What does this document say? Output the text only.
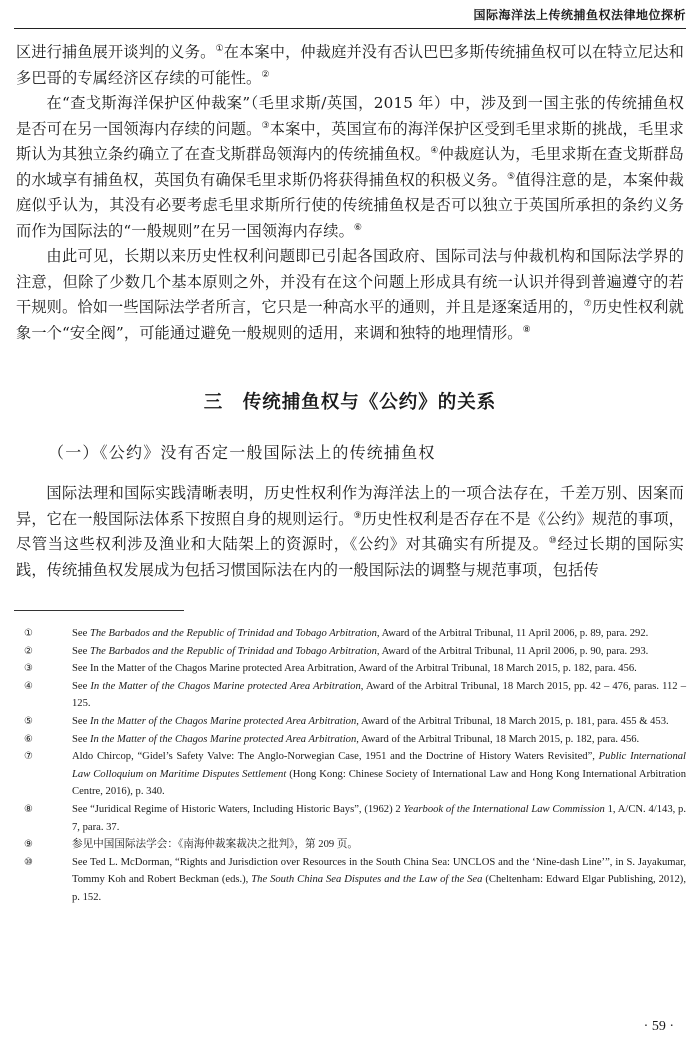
国际海洋法上传统捕鱼权法律地位探析

区进行捕鱼展开谈判的义务。①在本案中，仲裁庭并没有否认巴巴多斯传统捕鱼权可以在特立尼达和多巴哥的专属经济区存续的可能性。②

在“查戈斯海洋保护区仲裁案”（毛里求斯/英国，2015 年）中，涉及到一国主张的传统捕鱼权是否可在另一国领海内存续的问题。③本案中，英国宣布的海洋保护区受到毛里求斯的挑战，毛里求斯认为其独立条约确立了在查戈斯群岛领海内的传统捕鱼权。④仲裁庭认为，毛里求斯在查戈斯群岛的水域享有捕鱼权，英国负有确保毛里求斯仍将获得捕鱼权的积极义务。⑤值得注意的是，本案仲裁庭似乎认为，其没有必要考虑毛里求斯所行使的传统捕鱼权是否可以独立于英国所承担的条约义务而作为国际法的“一般规则”在另一国领海内存续。⑥

由此可见，长期以来历史性权利问题即已引起各国政府、国际司法与仲裁机构和国际法学界的注意，但除了少数几个基本原则之外，并没有在这个问题上形成具有统一认识并得到普遍遵守的若干规则。恰如一些国际法学者所言，它只是一种高水平的通则，并且是逐案适用的，⑦历史性权利就象一个“安全阀”，可能通过避免一般规则的适用，来调和独特的地理情形。⑧

三　传统捕鱼权与《公约》的关系
（一）《公约》没有否定一般国际法上的传统捕鱼权

国际法理和国际实践清晰表明，历史性权利作为海洋法上的一项合法存在，千差万别、因案而异，它在一般国际法体系下按照自身的规则运行。⑨历史性权利是否存在不是《公约》规范的事项，尽管当这些权利涉及渔业和大陆架上的资源时，《公约》对其确实有所提及。⑩经过长期的国际实践，传统捕鱼权发展成为包括习惯国际法在内的一般国际法的调整与规范事项，包括传

①	See The Barbados and the Republic of Trinidad and Tobago Arbitration, Award of the Arbitral Tribunal, 11 April 2006, p. 89, para. 292.
②	See The Barbados and the Republic of Trinidad and Tobago Arbitration, Award of the Arbitral Tribunal, 11 April 2006, p. 90, para. 293.
③	See In the Matter of the Chagos Marine protected Area Arbitration, Award of the Arbitral Tribunal, 18 March 2015, p. 182, para. 456.
④	See In the Matter of the Chagos Marine protected Area Arbitration, Award of the Arbitral Tribunal, 18 March 2015, pp. 42 – 476, paras. 112 – 125.
⑤	See In the Matter of the Chagos Marine protected Area Arbitration, Award of the Arbitral Tribunal, 18 March 2015, p. 181, para. 455 & 453.
⑥	See In the Matter of the Chagos Marine protected Area Arbitration, Award of the Arbitral Tribunal, 18 March 2015, p. 182, para. 456.
⑦	Aldo Chircop, “Gidel’s Safety Valve: The Anglo-Norwegian Case, 1951 and the Doctrine of History Waters Revisited”, Public International Law Colloquium on Maritime Disputes Settlement (Hong Kong: Chinese Society of International Law and Hong Kong International Arbitration Centre, 2016), p. 340.
⑧	See “Juridical Regime of Historic Waters, Including Historic Bays”, (1962) 2 Yearbook of the International Law Commission 1, A/CN. 4/143, p. 7, para. 37.
⑨	参见中国国际法学会：《南海仲裁案裁决之批判》，第 209 页。
⑩	See Ted L. McDorman, “Rights and Jurisdiction over Resources in the South China Sea: UNCLOS and the ‘Nine-dash Line’”, in S. Jayakumar, Tommy Koh and Robert Beckman (eds.), The South China Sea Disputes and the Law of the Sea (Cheltenham: Edward Elgar Publishing, 2012), p. 152.
· 59 ·
